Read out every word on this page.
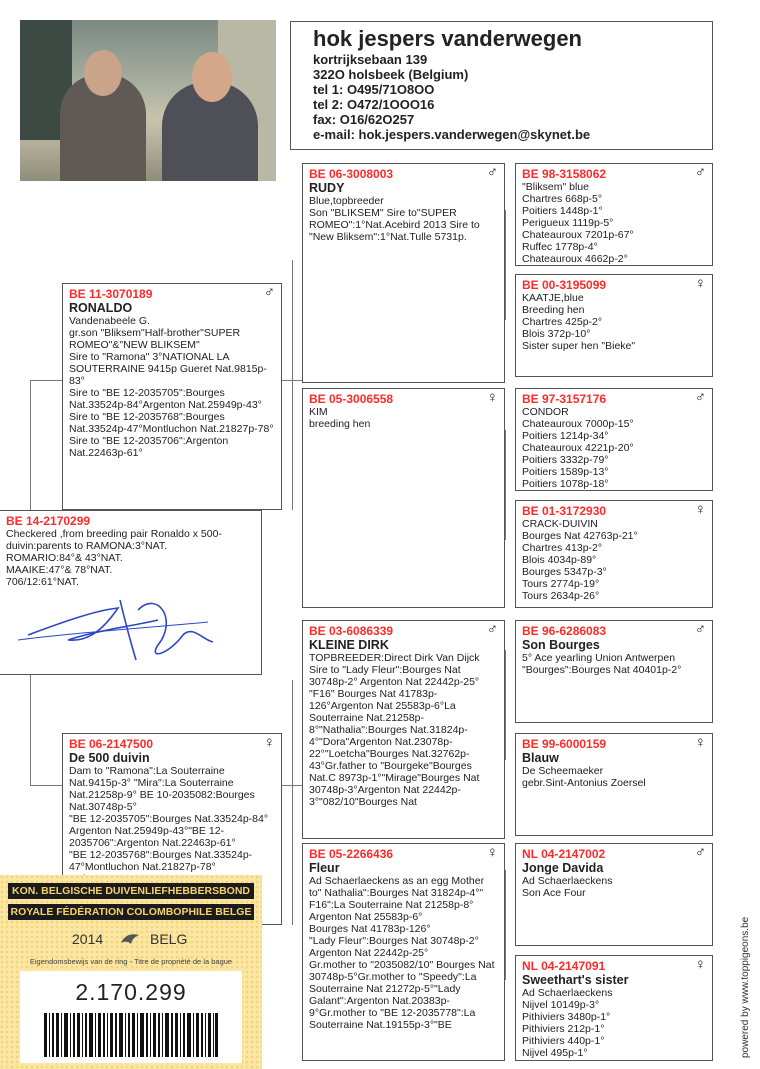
hok jespers vanderwegen
kortrijksebaan 139
322O holsbeek (Belgium)
tel 1: O495/71O8OO
tel 2: O472/1OOO16
fax: O16/62O257
e-mail: hok.jespers.vanderwegen@skynet.be
BE 14-2170299
Checkered ,from breeding pair Ronaldo x 500-duivin:parents to RAMONA:3°NAT.
ROMARIO:84°& 43°NAT.
MAAIKE:47°& 78°NAT.
706/12:61°NAT.
BE 11-3070189	♂
RONALDO
Vandenabeele G.
gr.son "Bliksem"Half-brother"SUPER ROMEO"&"NEW BLIKSEM"
Sire to "Ramona" 3°NATIONAL LA SOUTERRAINE 9415p Gueret Nat.9815p-83°
Sire to "BE 12-2035705":Bourges Nat.33524p-84°Argenton Nat.25949p-43°
Sire to "BE 12-2035768":Bourges Nat.33524p-47°Montluchon Nat.21827p-78°
Sire to "BE 12-2035706":Argenton Nat.22463p-61°
BE 06-2147500	♀
De 500 duivin
Dam to "Ramona":La Souterraine Nat.9415p-3° "Mira":La Souterraine Nat.21258p-9° BE 10-2035082:Bourges Nat.30748p-5°
"BE 12-2035705":Bourges Nat.33524p-84°
Argenton Nat.25949p-43°"BE 12-2035706":Argenton Nat.22463p-61°
"BE 12-2035768":Bourges Nat.33524p-47°Montluchon Nat.21827p-78°

BE 06-3008003	♂
RUDY
Blue,topbreeder
Son "BLIKSEM" Sire to"SUPER ROMEO":1°Nat.Acebird 2013 Sire to "New Bliksem":1°Nat.Tulle 5731p.
BE 05-3006558	♀
KIM
breeding hen
BE 03-6086339	♂
KLEINE DIRK
TOPBREEDER:Direct Dirk Van Dijck
Sire to "Lady Fleur":Bourges Nat 30748p-2° Argenton Nat 22442p-25°
"F16" Bourges Nat 41783p-126°Argenton Nat 25583p-6°La Souterraine Nat.21258p-8°"Nathalia":Bourges Nat.31824p-4°"Dora"Argenton Nat.23078p-22°"Loetcha"Bourges Nat.32762p-43°Gr.father to "Bourgeke"Bourges Nat.C 8973p-1°"Mirage"Bourges Nat 30748p-3°Argenton Nat 22442p-3°"082/10"Bourges Nat
BE 05-2266436	♀
Fleur
Ad Schaerlaeckens as an egg Mother to" Nathalia":Bourges Nat 31824p-4°" F16":La Souterraine Nat 21258p-8°
Argenton Nat 25583p-6°
Bourges Nat 41783p-126°
"Lady Fleur":Bourges Nat 30748p-2° Argenton Nat 22442p-25°
Gr.mother to "2035082/10" Bourges Nat 30748p-5°Gr.mother to "Speedy":La Souterraine Nat 21272p-5°"Lady Galant":Argenton Nat.20383p-9°Gr.mother to "BE 12-2035778":La Souterraine Nat.19155p-3°"BE
BE 98-3158062	♂
"Bliksem" blue
Chartres 668p-5°
Poitiers 1448p-1°
Perigueux 1119p-5°
Chateauroux 7201p-67°
Ruffec 1778p-4°
Chateauroux 4662p-2°
BE 00-3195099	♀
KAATJE,blue
Breeding hen
Chartres 425p-2°
Blois 372p-10°
Sister super hen "Bieke"
BE 97-3157176	♂
CONDOR
Chateauroux 7000p-15°
Poitiers 1214p-34°
Chateauroux 4221p-20°
Poitiers 3332p-79°
Poitiers 1589p-13°
Poitiers 1078p-18°
BE 01-3172930	♀
CRACK-DUIVIN
Bourges Nat 42763p-21°
Chartres 413p-2°
Blois 4034p-89°
Bourges 5347p-3°
Tours 2774p-19°
Tours 2634p-26°
BE 96-6286083	♂
Son Bourges
5° Ace yearling Union Antwerpen
"Bourges":Bourges Nat 40401p-2°
BE 99-6000159	♀
Blauw
De Scheemaeker
gebr.Sint-Antonius Zoersel
NL 04-2147002	♂
Jonge Davida
Ad Schaerlaeckens
Son Ace Four
NL 04-2147091	♀
Sweethart's sister
Ad Schaerlaeckens
Nijvel 10149p-3°
Pithiviers 3480p-1°
Pithiviers 212p-1°
Pithiviers 440p-1°
Nijvel 495p-1°
KON. BELGISCHE DUIVENLIEFHEBBERSBOND
ROYALE FÉDÉRATION COLOMBOPHILE BELGE
2014	BELG
Eigendomsbewijs van de ring - Titre de propriété de la bague
2.170.299	powered by www.toppigeons.be
